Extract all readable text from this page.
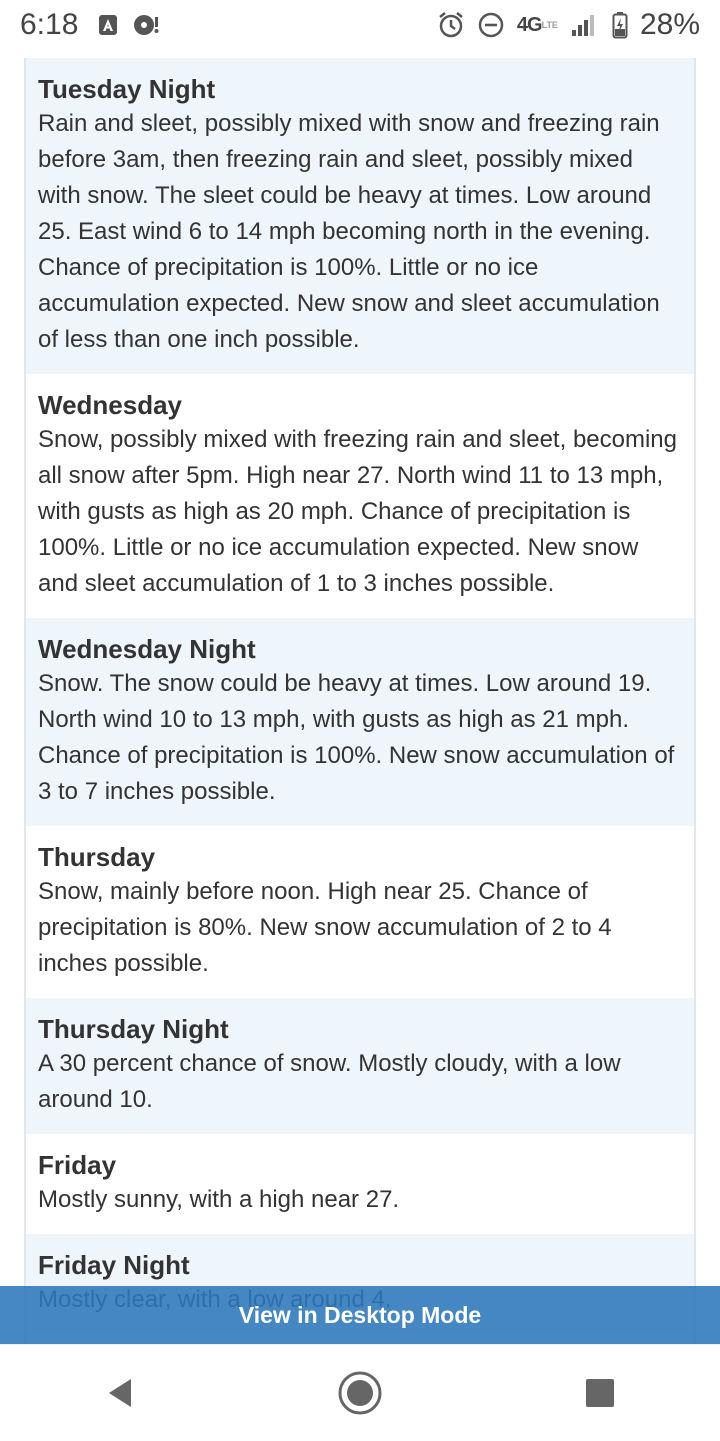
6:18	4G LTE	28%
Tuesday Night
Rain and sleet, possibly mixed with snow and freezing rain before 3am, then freezing rain and sleet, possibly mixed with snow. The sleet could be heavy at times. Low around 25. East wind 6 to 14 mph becoming north in the evening. Chance of precipitation is 100%. Little or no ice accumulation expected. New snow and sleet accumulation of less than one inch possible.
Wednesday
Snow, possibly mixed with freezing rain and sleet, becoming all snow after 5pm. High near 27. North wind 11 to 13 mph, with gusts as high as 20 mph. Chance of precipitation is 100%. Little or no ice accumulation expected. New snow and sleet accumulation of 1 to 3 inches possible.
Wednesday Night
Snow. The snow could be heavy at times. Low around 19. North wind 10 to 13 mph, with gusts as high as 21 mph. Chance of precipitation is 100%. New snow accumulation of 3 to 7 inches possible.
Thursday
Snow, mainly before noon. High near 25. Chance of precipitation is 80%. New snow accumulation of 2 to 4 inches possible.
Thursday Night
A 30 percent chance of snow. Mostly cloudy, with a low around 10.
Friday
Mostly sunny, with a high near 27.
Friday Night
View in Desktop Mode
